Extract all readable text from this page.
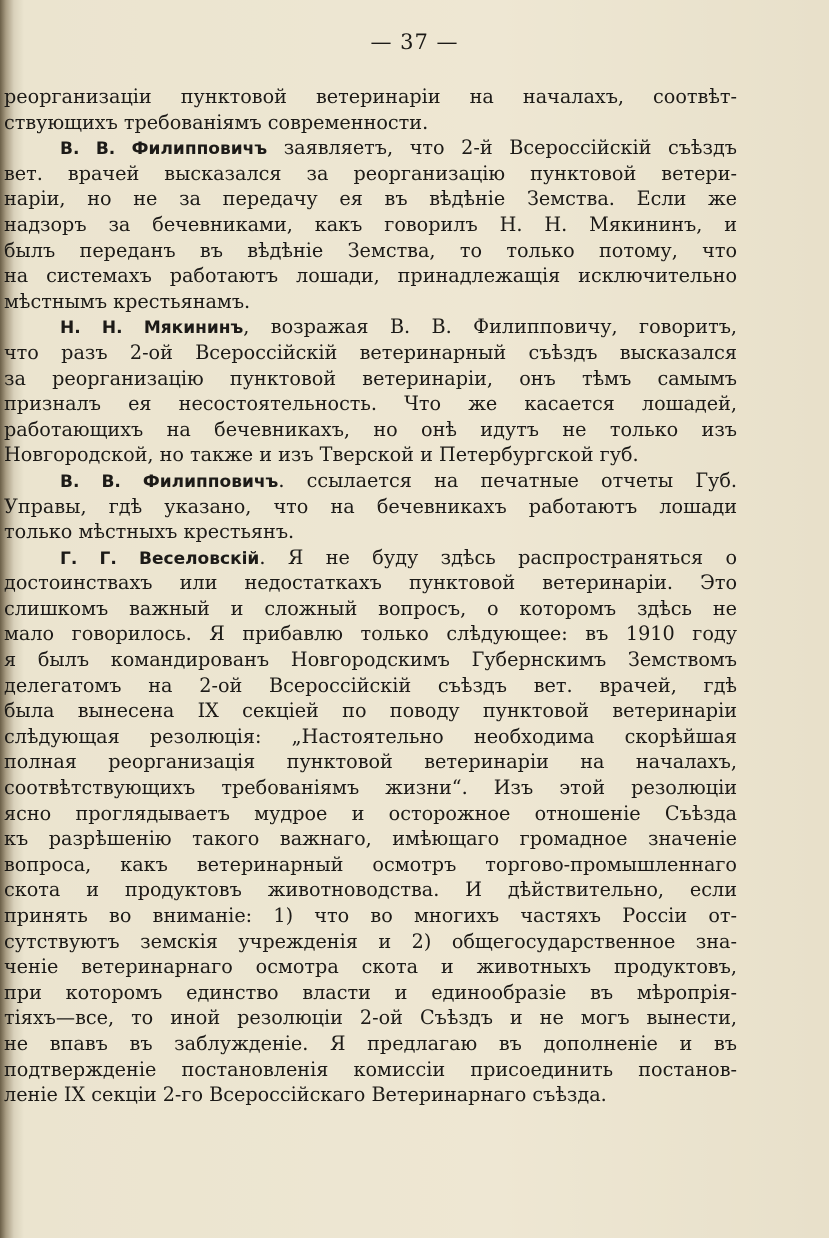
— 37 —
реорганизаціи пунктовой ветеринаріи на началахъ, соотвѣт-
ствующихъ требованіямъ современности.
В. В. Филипповичъ заявляетъ, что 2-й Всероссійскій съѣздъ
вет. врачей высказался за реорганизацію пунктовой ветери-
наріи, но не за передачу ея въ вѣдѣніе Земства. Если же
надзоръ за бечевниками, какъ говорилъ Н. Н. Мякининъ, и
былъ переданъ въ вѣдѣніе Земства, то только потому, что
на системахъ работаютъ лошади, принадлежащія исключительно
мѣстнымъ крестьянамъ.
Н. Н. Мякининъ, возражая В. В. Филипповичу, говоритъ,
что разъ 2-ой Всероссійскій ветеринарный съѣздъ высказался
за реорганизацію пунктовой ветеринаріи, онъ тѣмъ самымъ
призналъ ея несостоятельность. Что же касается лошадей,
работающихъ на бечевникахъ, но онѣ идутъ не только изъ
Новгородской, но также и изъ Тверской и Петербургской губ.
В. В. Филипповичъ. ссылается на печатные отчеты Губ.
Управы, гдѣ указано, что на бечевникахъ работаютъ лошади
только мѣстныхъ крестьянъ.
Г. Г. Веселовскій. Я не буду здѣсь распространяться о
достоинствахъ или недостаткахъ пунктовой ветеринаріи. Это
слишкомъ важный и сложный вопросъ, о которомъ здѣсь не
мало говорилось. Я прибавлю только слѣдующее: въ 1910 году
я былъ командированъ Новгородскимъ Губернскимъ Земствомъ
делегатомъ на 2-ой Всероссійскій съѣздъ вет. врачей, гдѣ
была вынесена IX секціей по поводу пунктовой ветеринаріи
слѣдующая резолюція: „Настоятельно необходима скорѣйшая
полная реорганизація пунктовой ветеринаріи на началахъ,
соотвѣтствующихъ требованіямъ жизни“. Изъ этой резолюціи
ясно проглядываетъ мудрое и осторожное отношеніе Съѣзда
къ разрѣшенію такого важнаго, имѣющаго громадное значеніе
вопроса, какъ ветеринарный осмотръ торгово-промышленнаго
скота и продуктовъ животноводства. И дѣйствительно, если
принять во вниманіе: 1) что во многихъ частяхъ Россіи от-
сутствуютъ земскія учрежденія и 2) общегосударственное зна-
ченіе ветеринарнаго осмотра скота и животныхъ продуктовъ,
при которомъ единство власти и единообразіе въ мѣропрія-
тіяхъ—все, то иной резолюціи 2-ой Съѣздъ и не могъ вынести,
не впавъ въ заблужденіе. Я предлагаю въ дополненіе и въ
подтвержденіе постановленія комиссіи присоединить постанов-
леніе IX секціи 2-го Всероссійскаго Ветеринарнаго съѣзда.
